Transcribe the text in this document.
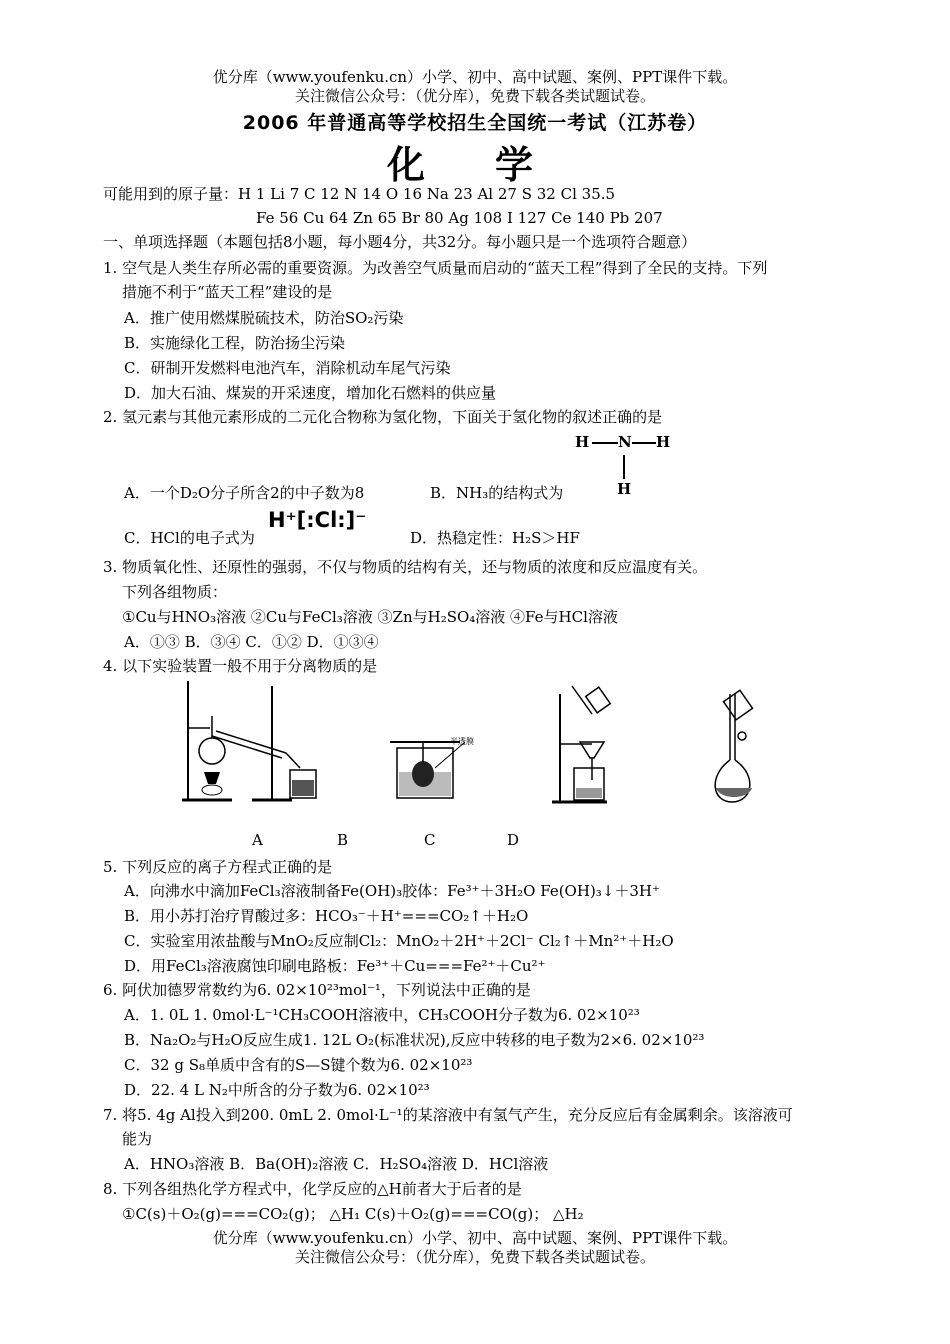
优分库（www.youfenku.cn）小学、初中、高中试题、案例、PPT课件下载。
关注微信公众号：（优分库），免费下载各类试题试卷。
2006 年普通高等学校招生全国统一考试（江苏卷）
化学
可能用到的原子量：H 1 Li 7 C 12 N 14 O 16 Na 23 Al 27 S 32 Cl 35.5
Fe 56 Cu 64 Zn 65 Br 80 Ag 108 I 127 Ce 140 Pb 207
一、单项选择题（本题包括8小题，每小题4分，共32分。每小题只是一个选项符合题意）
1. 空气是人类生存所必需的重要资源。为改善空气质量而启动的“蓝天工程”得到了全民的支持。下列
措施不利于“蓝天工程”建设的是
A．推广使用燃煤脱硫技术，防治SO₂污染
B．实施绿化工程，防治扬尘污染
C．研制开发燃料电池汽车，消除机动车尾气污染
D．加大石油、煤炭的开采速度，增加化石燃料的供应量
2. 氢元素与其他元素形成的二元化合物称为氢化物，下面关于氢化物的叙述正确的是
H N H
H
A．一个D₂O分子所含2的中子数为8	B．NH₃的结构式为
C．HCl的电子式为
H⁺[:Cl:]⁻
D．热稳定性：H₂S＞HF
3. 物质氧化性、还原性的强弱，不仅与物质的结构有关，还与物质的浓度和反应温度有关。
下列各组物质：
①Cu与HNO₃溶液 ②Cu与FeCl₃溶液 ③Zn与H₂SO₄溶液 ④Fe与HCl溶液
A．①③ B．③④ C．①② D．①③④
4. 以下实验装置一般不用于分离物质的是
半透膜
A	B	C	D
5. 下列反应的离子方程式正确的是
A．向沸水中滴加FeCl₃溶液制备Fe(OH)₃胶体：Fe³⁺＋3H₂O Fe(OH)₃↓＋3H⁺
B．用小苏打治疗胃酸过多：HCO₃⁻＋H⁺===CO₂↑＋H₂O
C．实验室用浓盐酸与MnO₂反应制Cl₂：MnO₂＋2H⁺＋2Cl⁻ Cl₂↑＋Mn²⁺＋H₂O
D．用FeCl₃溶液腐蚀印刷电路板：Fe³⁺＋Cu===Fe²⁺＋Cu²⁺
6. 阿伏加德罗常数约为6. 02×10²³mol⁻¹，下列说法中正确的是
A．1. 0L 1. 0mol·L⁻¹CH₃COOH溶液中，CH₃COOH分子数为6. 02×10²³
B．Na₂O₂与H₂O反应生成1. 12L O₂(标准状况),反应中转移的电子数为2×6. 02×10²³
C．32 g S₈单质中含有的S—S键个数为6. 02×10²³
D．22. 4 L N₂中所含的分子数为6. 02×10²³
7. 将5. 4g Al投入到200. 0mL 2. 0mol·L⁻¹的某溶液中有氢气产生，充分反应后有金属剩余。该溶液可
能为
A．HNO₃溶液 B．Ba(OH)₂溶液 C．H₂SO₄溶液 D．HCl溶液
8. 下列各组热化学方程式中，化学反应的△H前者大于后者的是
①C(s)＋O₂(g)===CO₂(g)； △H₁ C(s)＋O₂(g)===CO(g)； △H₂
优分库（www.youfenku.cn）小学、初中、高中试题、案例、PPT课件下载。
关注微信公众号：（优分库），免费下载各类试题试卷。
